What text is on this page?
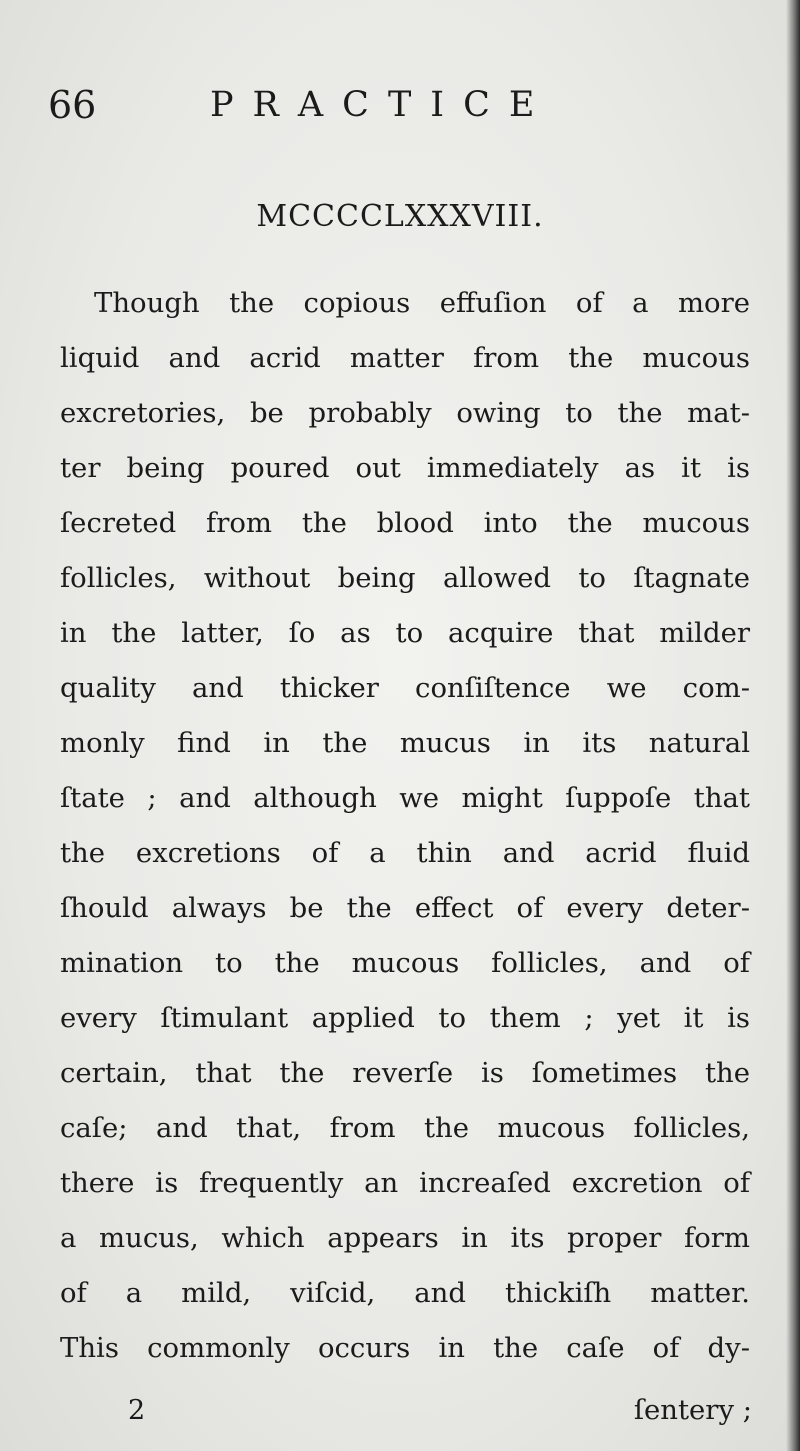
66	PRACTICE
MCCCCLXXXVIII.
Though the copious effuſion of a more
liquid and acrid matter from the mucous
excretories, be probably owing to the mat-
ter being poured out immediately as it is
ſecreted from the blood into the mucous
follicles, without being allowed to ſtagnate
in the latter, ſo as to acquire that milder
quality and thicker conſiſtence we com-
monly find in the mucus in its natural
ſtate ; and although we might ſuppoſe that
the excretions of a thin and acrid fluid
ſhould always be the effect of every deter-
mination to the mucous follicles, and of
every ſtimulant applied to them ; yet it is
certain, that the reverſe is ſometimes the
caſe; and that, from the mucous follicles,
there is frequently an increaſed excretion of
a mucus, which appears in its proper form
of a mild, viſcid, and thickiſh matter.
This commonly occurs in the caſe of dy-
2	ſentery ;
